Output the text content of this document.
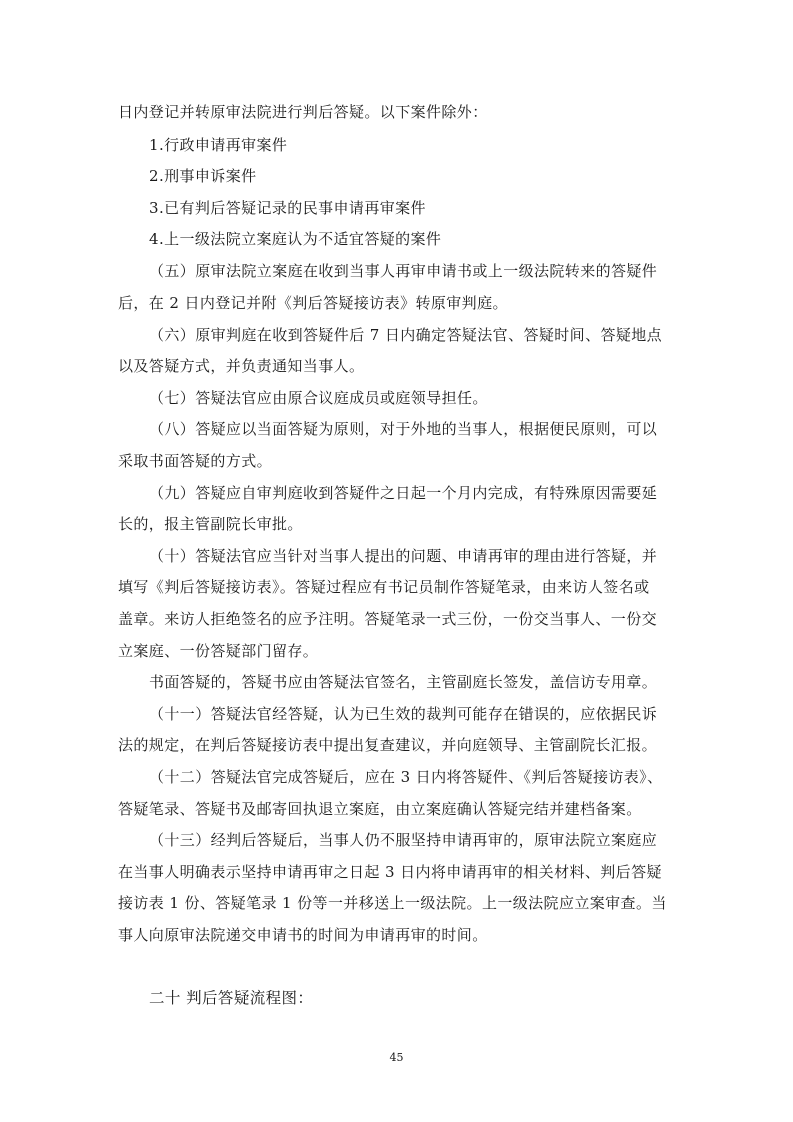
日内登记并转原审法院进行判后答疑。以下案件除外：
1.行政申请再审案件
2.刑事申诉案件
3.已有判后答疑记录的民事申请再审案件
4.上一级法院立案庭认为不适宜答疑的案件
（五）原审法院立案庭在收到当事人再审申请书或上一级法院转来的答疑件
后，在 2 日内登记并附《判后答疑接访表》转原审判庭。
（六）原审判庭在收到答疑件后 7 日内确定答疑法官、答疑时间、答疑地点
以及答疑方式，并负责通知当事人。
（七）答疑法官应由原合议庭成员或庭领导担任。
（八）答疑应以当面答疑为原则，对于外地的当事人，根据便民原则，可以
采取书面答疑的方式。
（九）答疑应自审判庭收到答疑件之日起一个月内完成，有特殊原因需要延
长的，报主管副院长审批。
（十）答疑法官应当针对当事人提出的问题、申请再审的理由进行答疑，并
填写《判后答疑接访表》。答疑过程应有书记员制作答疑笔录，由来访人签名或
盖章。来访人拒绝签名的应予注明。答疑笔录一式三份，一份交当事人、一份交
立案庭、一份答疑部门留存。
书面答疑的，答疑书应由答疑法官签名，主管副庭长签发，盖信访专用章。
（十一）答疑法官经答疑，认为已生效的裁判可能存在错误的，应依据民诉
法的规定，在判后答疑接访表中提出复查建议，并向庭领导、主管副院长汇报。
（十二）答疑法官完成答疑后，应在 3 日内将答疑件、《判后答疑接访表》、
答疑笔录、答疑书及邮寄回执退立案庭，由立案庭确认答疑完结并建档备案。
（十三）经判后答疑后，当事人仍不服坚持申请再审的，原审法院立案庭应
在当事人明确表示坚持申请再审之日起 3 日内将申请再审的相关材料、判后答疑
接访表 1 份、答疑笔录 1 份等一并移送上一级法院。上一级法院应立案审查。当
事人向原审法院递交申请书的时间为申请再审的时间。
二十 判后答疑流程图：
45
